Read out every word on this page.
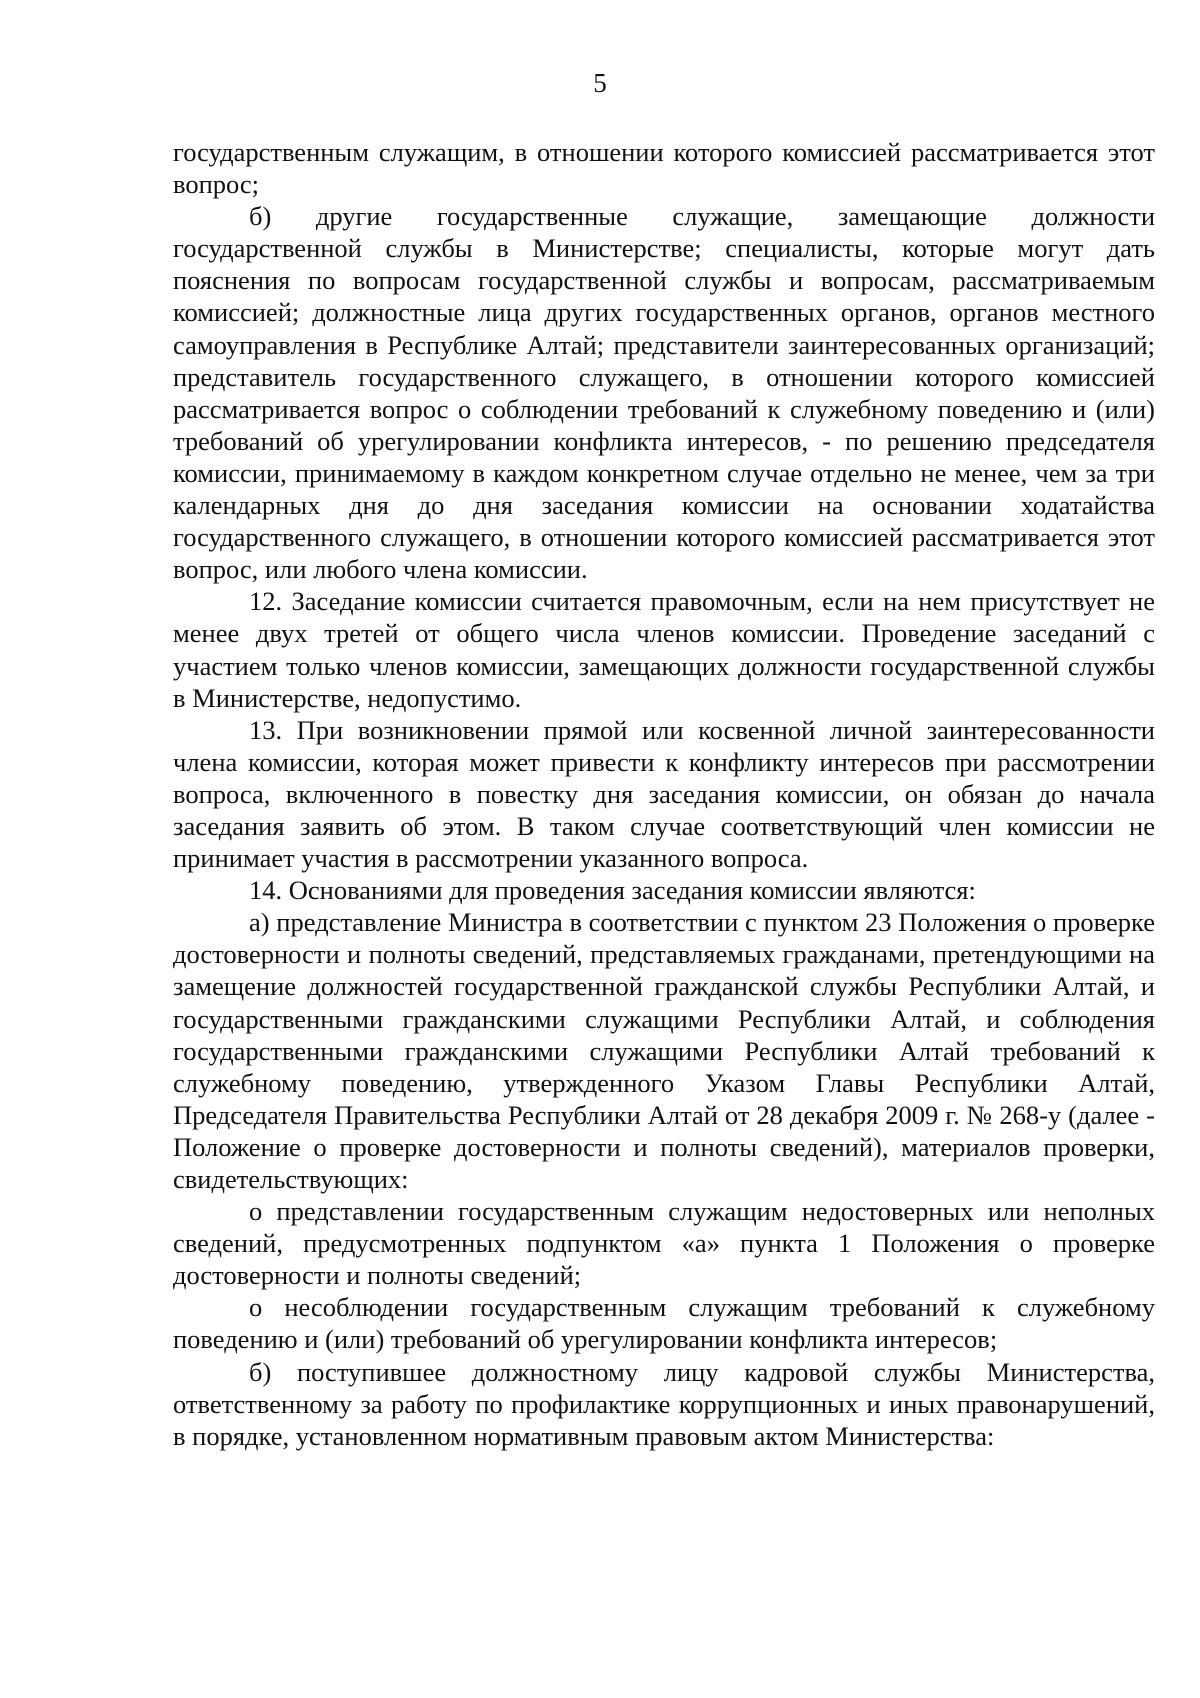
5

государственным служащим, в отношении которого комиссией рассматривается этот вопрос;

б) другие государственные служащие, замещающие должности государственной службы в Министерстве; специалисты, которые могут дать пояснения по вопросам государственной службы и вопросам, рассматриваемым комиссией; должностные лица других государственных органов, органов местного самоуправления в Республике Алтай; представители заинтересованных организаций; представитель государственного служащего, в отношении которого комиссией рассматривается вопрос о соблюдении требований к служебному поведению и (или) требований об урегулировании конфликта интересов, - по решению председателя комиссии, принимаемому в каждом конкретном случае отдельно не менее, чем за три календарных дня до дня заседания комиссии на основании ходатайства государственного служащего, в отношении которого комиссией рассматривается этот вопрос, или любого члена комиссии.

12. Заседание комиссии считается правомочным, если на нем присутствует не менее двух третей от общего числа членов комиссии. Проведение заседаний с участием только членов комиссии, замещающих должности государственной службы в Министерстве, недопустимо.

13. При возникновении прямой или косвенной личной заинтересованности члена комиссии, которая может привести к конфликту интересов при рассмотрении вопроса, включенного в повестку дня заседания комиссии, он обязан до начала заседания заявить об этом. В таком случае соответствующий член комиссии не принимает участия в рассмотрении указанного вопроса.

14. Основаниями для проведения заседания комиссии являются:

а) представление Министра в соответствии с пунктом 23 Положения о проверке достоверности и полноты сведений, представляемых гражданами, претендующими на замещение должностей государственной гражданской службы Республики Алтай, и государственными гражданскими служащими Республики Алтай, и соблюдения государственными гражданскими служащими Республики Алтай требований к служебному поведению, утвержденного Указом Главы Республики Алтай, Председателя Правительства Республики Алтай от 28 декабря 2009 г. № 268-у (далее - Положение о проверке достоверности и полноты сведений), материалов проверки, свидетельствующих:

о представлении государственным служащим недостоверных или неполных сведений, предусмотренных подпунктом «а» пункта 1 Положения о проверке достоверности и полноты сведений;

о несоблюдении государственным служащим требований к служебному поведению и (или) требований об урегулировании конфликта интересов;

б) поступившее должностному лицу кадровой службы Министерства, ответственному за работу по профилактике коррупционных и иных правонарушений, в порядке, установленном нормативным правовым актом Министерства:
